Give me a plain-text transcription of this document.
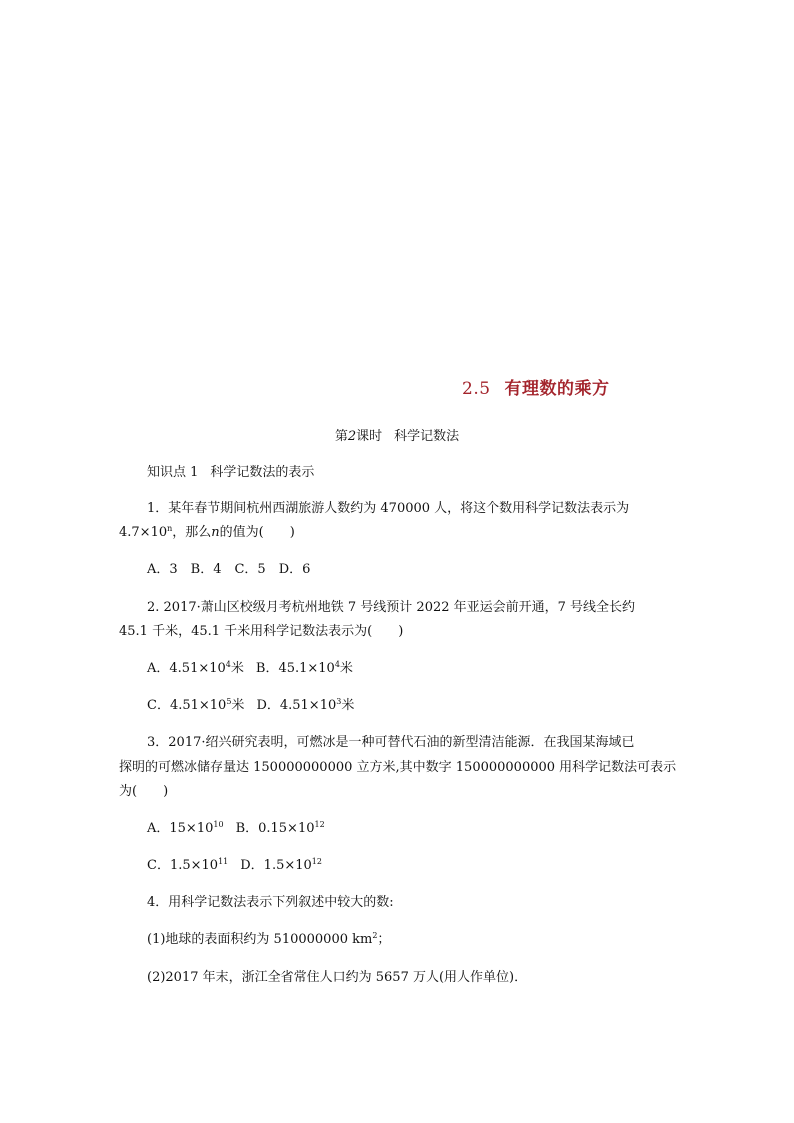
2.5 有理数的乘方
第2课时 科学记数法
知识点 1 科学记数法的表示
1．某年春节期间杭州西湖旅游人数约为 470000 人，将这个数用科学记数法表示为
$4.7\times 10^n$，那么n的值为(　　)
A．3　B．4　C．5　D．6
2. 2017·萧山区校级月考杭州地铁 7 号线预计 2022 年亚运会前开通，7 号线全长约
45.1 千米，45.1 千米用科学记数法表示为(　　)
A．$4.51\times 10^4$米 B．$45.1\times 10^4$米
C．$4.51\times 10^5$米 D．$4.51\times 10^3$米
3．2017·绍兴研究表明，可燃冰是一种可替代石油的新型清洁能源．在我国某海域已
探明的可燃冰储存量达 150000000000 立方米,其中数字 150000000000 用科学记数法可表示
为(　　)
A．$15\times 10^{10}$ B．$0.15\times 10^{12}$
C．$1.5\times 10^{11}$ D．$1.5\times 10^{12}$
4．用科学记数法表示下列叙述中较大的数:
(1)地球的表面积约为 510000000 $km^2$；
(2)2017 年末，浙江全省常住人口约为 5657 万人(用人作单位)．
